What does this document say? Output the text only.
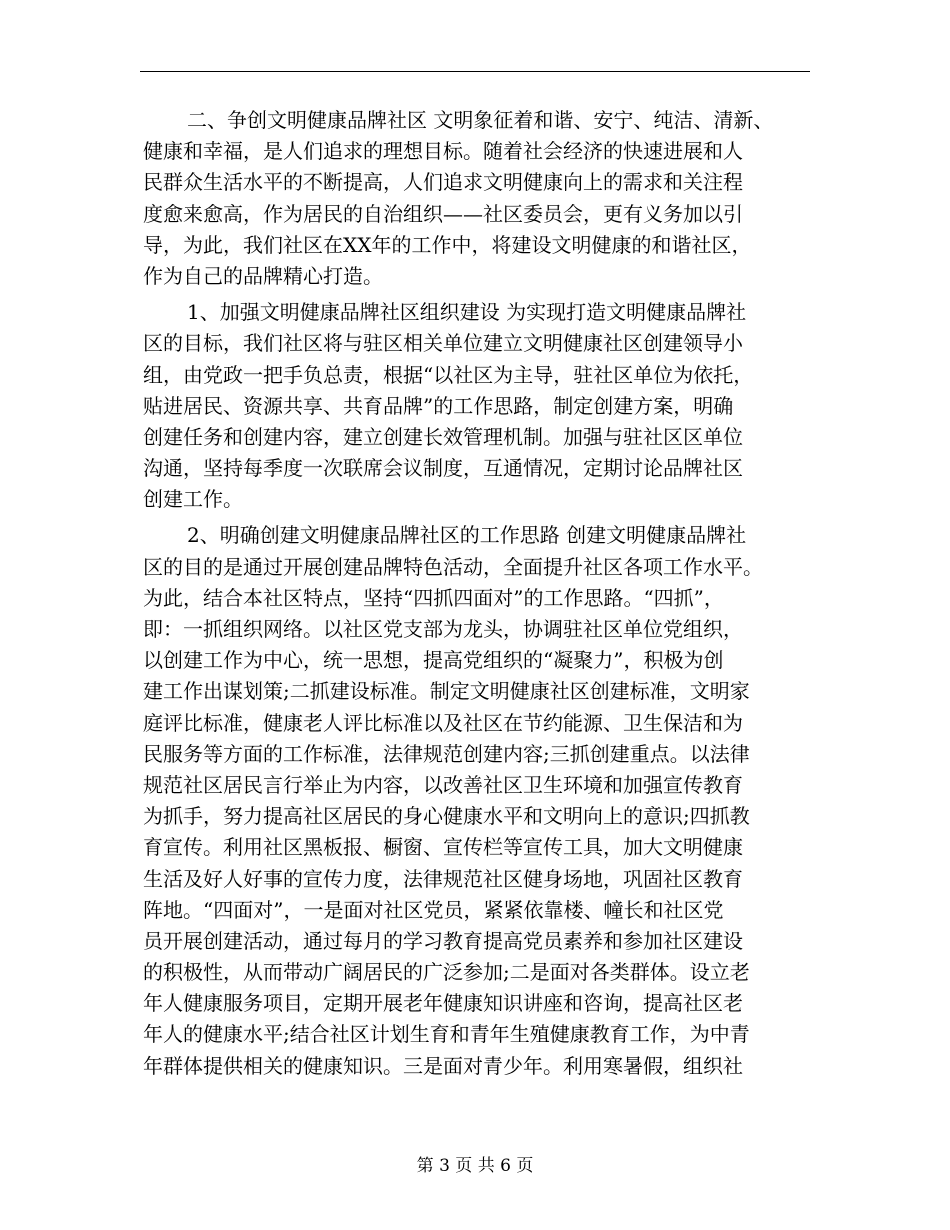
二、争创文明健康品牌社区 文明象征着和谐、安宁、纯洁、清新、
健康和幸福，是人们追求的理想目标。随着社会经济的快速进展和人
民群众生活水平的不断提高，人们追求文明健康向上的需求和关注程
度愈来愈高，作为居民的自治组织——社区委员会，更有义务加以引
导，为此，我们社区在XX年的工作中，将建设文明健康的和谐社区，
作为自己的品牌精心打造。
1、加强文明健康品牌社区组织建设 为实现打造文明健康品牌社
区的目标，我们社区将与驻区相关单位建立文明健康社区创建领导小
组，由党政一把手负总责，根据“以社区为主导，驻社区单位为依托，
贴进居民、资源共享、共育品牌”的工作思路，制定创建方案，明确
创建任务和创建内容，建立创建长效管理机制。加强与驻社区区单位
沟通，坚持每季度一次联席会议制度，互通情况，定期讨论品牌社区
创建工作。
2、明确创建文明健康品牌社区的工作思路 创建文明健康品牌社
区的目的是通过开展创建品牌特色活动，全面提升社区各项工作水平。
为此，结合本社区特点，坚持“四抓四面对”的工作思路。“四抓”，
即：一抓组织网络。以社区党支部为龙头，协调驻社区单位党组织，
以创建工作为中心，统一思想，提高党组织的“凝聚力”，积极为创
建工作出谋划策;二抓建设标准。制定文明健康社区创建标准，文明家
庭评比标准，健康老人评比标准以及社区在节约能源、卫生保洁和为
民服务等方面的工作标准，法律规范创建内容;三抓创建重点。以法律
规范社区居民言行举止为内容，以改善社区卫生环境和加强宣传教育
为抓手，努力提高社区居民的身心健康水平和文明向上的意识;四抓教
育宣传。利用社区黑板报、橱窗、宣传栏等宣传工具，加大文明健康
生活及好人好事的宣传力度，法律规范社区健身场地，巩固社区教育
阵地。“四面对”，一是面对社区党员，紧紧依靠楼、幢长和社区党
员开展创建活动，通过每月的学习教育提高党员素养和参加社区建设
的积极性，从而带动广阔居民的广泛参加;二是面对各类群体。设立老
年人健康服务项目，定期开展老年健康知识讲座和咨询，提高社区老
年人的健康水平;结合社区计划生育和青年生殖健康教育工作，为中青
年群体提供相关的健康知识。三是面对青少年。利用寒暑假，组织社
第 3 页 共 6 页
